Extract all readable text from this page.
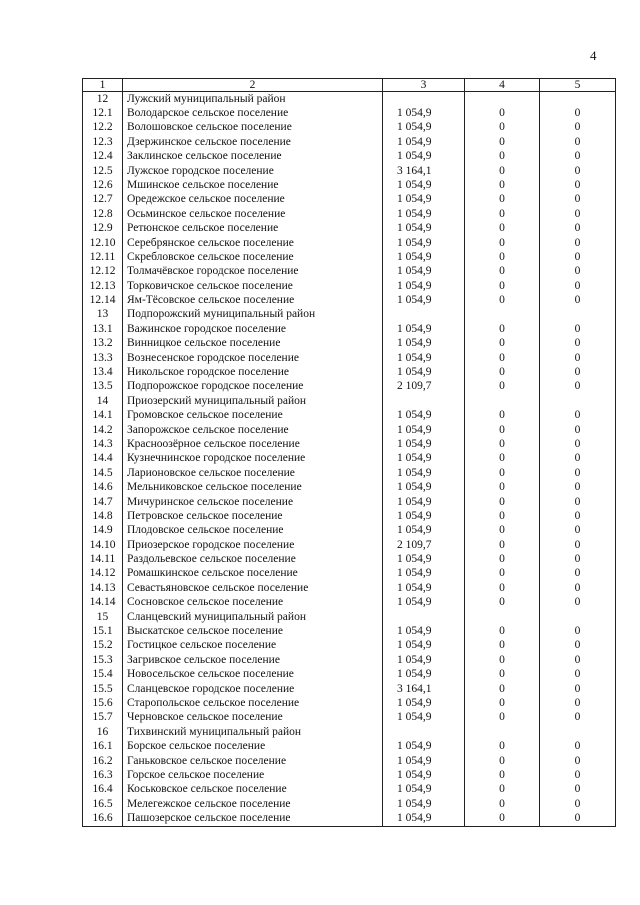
4
1	2	3	4	5
12	Лужский муниципальный район			
12.1	Володарское сельское поселение	1 054,9	0	0
12.2	Волошовское сельское поселение	1 054,9	0	0
12.3	Дзержинское сельское поселение	1 054,9	0	0
12.4	Заклинское сельское поселение	1 054,9	0	0
12.5	Лужское городское поселение	3 164,1	0	0
12.6	Мшинское сельское поселение	1 054,9	0	0
12.7	Оредежское сельское поселение	1 054,9	0	0
12.8	Осьминское сельское поселение	1 054,9	0	0
12.9	Ретюнское сельское поселение	1 054,9	0	0
12.10	Серебрянское сельское поселение	1 054,9	0	0
12.11	Скребловское сельское поселение	1 054,9	0	0
12.12	Толмачёвское городское поселение	1 054,9	0	0
12.13	Торковичское сельское поселение	1 054,9	0	0
12.14	Ям-Тёсовское сельское поселение	1 054,9	0	0
13	Подпорожский муниципальный район			
13.1	Важинское городское поселение	1 054,9	0	0
13.2	Винницкое сельское поселение	1 054,9	0	0
13.3	Вознесенское городское поселение	1 054,9	0	0
13.4	Никольское городское поселение	1 054,9	0	0
13.5	Подпорожское городское поселение	2 109,7	0	0
14	Приозерский муниципальный район			
14.1	Громовское сельское поселение	1 054,9	0	0
14.2	Запорожское сельское поселение	1 054,9	0	0
14.3	Красноозёрное сельское поселение	1 054,9	0	0
14.4	Кузнечнинское городское поселение	1 054,9	0	0
14.5	Ларионовское сельское поселение	1 054,9	0	0
14.6	Мельниковское сельское поселение	1 054,9	0	0
14.7	Мичуринское сельское поселение	1 054,9	0	0
14.8	Петровское сельское поселение	1 054,9	0	0
14.9	Плодовское сельское поселение	1 054,9	0	0
14.10	Приозерское городское поселение	2 109,7	0	0
14.11	Раздольевское сельское поселение	1 054,9	0	0
14.12	Ромашкинское сельское поселение	1 054,9	0	0
14.13	Севастьяновское сельское поселение	1 054,9	0	0
14.14	Сосновское сельское поселение	1 054,9	0	0
15	Сланцевский муниципальный район			
15.1	Выскатское сельское поселение	1 054,9	0	0
15.2	Гостицкое сельское поселение	1 054,9	0	0
15.3	Загривское сельское поселение	1 054,9	0	0
15.4	Новосельское сельское поселение	1 054,9	0	0
15.5	Сланцевское городское поселение	3 164,1	0	0
15.6	Старопольское сельское поселение	1 054,9	0	0
15.7	Черновское сельское поселение	1 054,9	0	0
16	Тихвинский муниципальный район			
16.1	Борское сельское поселение	1 054,9	0	0
16.2	Ганьковское сельское поселение	1 054,9	0	0
16.3	Горское сельское поселение	1 054,9	0	0
16.4	Коськовское сельское поселение	1 054,9	0	0
16.5	Мелегежское сельское поселение	1 054,9	0	0
16.6	Пашозерское сельское поселение	1 054,9	0	0
